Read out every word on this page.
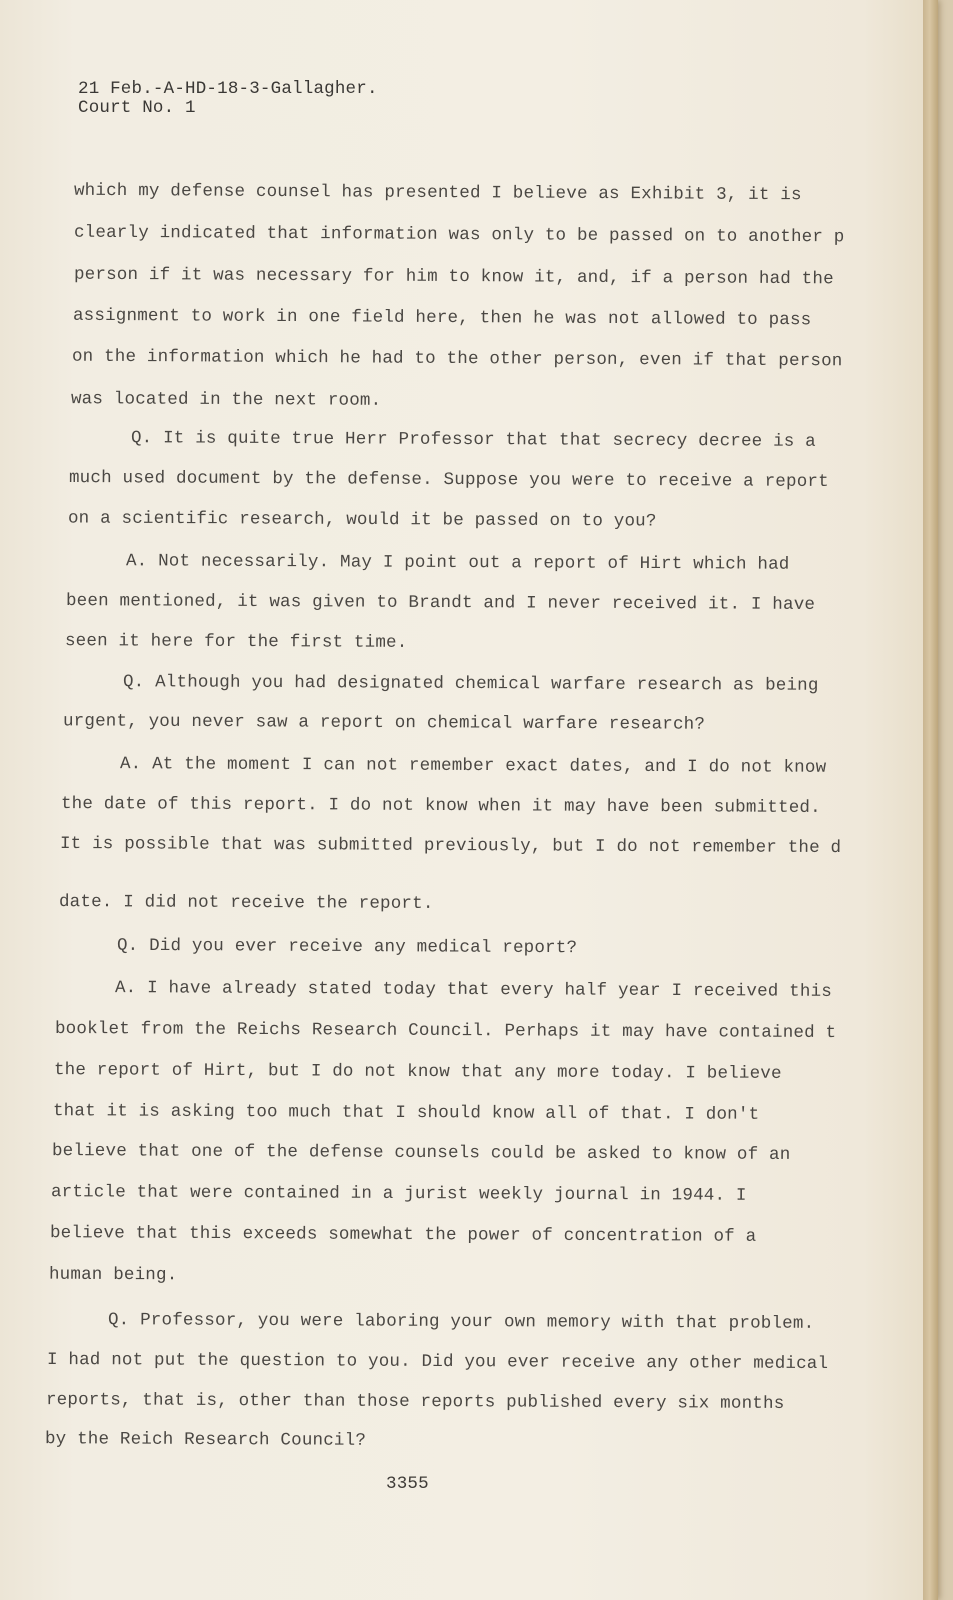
21 Feb.-A-HD-18-3-Gallagher.
Court No. 1
which my defense counsel has presented I believe as Exhibit 3, it is
clearly indicated that information was only to be passed on to another p
person if it was necessary for him to know it, and, if a person had the
assignment to work in one field here, then he was not allowed to pass
on the information which he had to the other person, even if that person
was located in the next room.
Q. It is quite true Herr Professor that that secrecy decree is a
much used document by the defense. Suppose you were to receive a report
on a scientific research, would it be passed on to you?
A. Not necessarily. May I point out a report of Hirt which had
been mentioned, it was given to Brandt and I never received it. I have
seen it here for the first time.
Q. Although you had designated chemical warfare research as being
urgent, you never saw a report on chemical warfare research?
A. At the moment I can not remember exact dates, and I do not know
the date of this report. I do not know when it may have been submitted.
It is possible that was submitted previously, but I do not remember the d
date. I did not receive the report.
Q. Did you ever receive any medical report?
A. I have already stated today that every half year I received this
booklet from the Reichs Research Council. Perhaps it may have contained t
the report of Hirt, but I do not know that any more today. I believe
that it is asking too much that I should know all of that. I don't
believe that one of the defense counsels could be asked to know of an
article that were contained in a jurist weekly journal in 1944. I
believe that this exceeds somewhat the power of concentration of a
human being.
Q. Professor, you were laboring your own memory with that problem.
I had not put the question to you. Did you ever receive any other medical
reports, that is, other than those reports published every six months
by the Reich Research Council?
3355
